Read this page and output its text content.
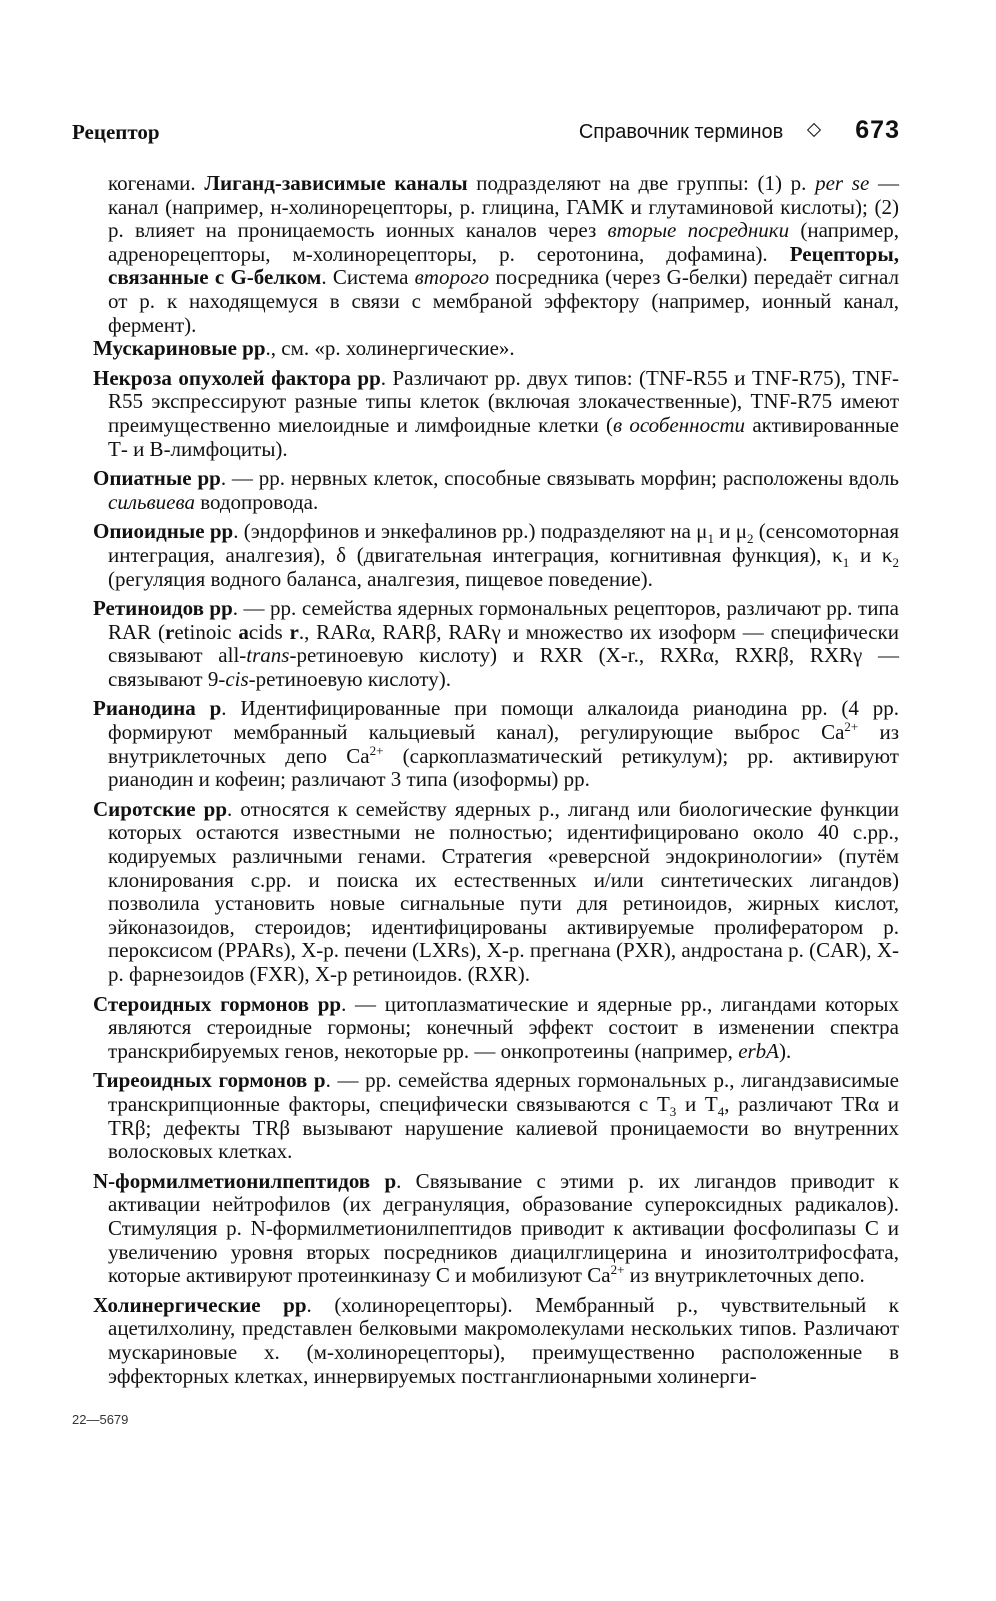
Рецептор	Справочник терминов	673

когенами. Лиганд-зависимые каналы подразделяют на две группы: (1) р. per se — канал (например, н-холинорецепторы, р. глицина, ГАМК и глутаминовой кислоты); (2) р. влияет на проницаемость ионных каналов через вторые посредники (например, адренорецепторы, м-холинорецепторы, р. серотонина, дофамина). Рецепторы, связанные с G-белком. Система второго посредника (через G-белки) передаёт сигнал от р. к находящемуся в связи с мембраной эффектору (например, ионный канал, фермент).

Мускариновые рр., см. «р. холинергические».

Некроза опухолей фактора рр. Различают рр. двух типов: (TNF-R55 и TNF-R75), TNF-R55 экспрессируют разные типы клеток (включая злокачественные), TNF-R75 имеют преимущественно миелоидные и лимфоидные клетки (в особенности активированные Т- и В-лимфоциты).

Опиатные рр. — рр. нервных клеток, способные связывать морфин; расположены вдоль сильвиева водопровода.

Опиоидные рр. (эндорфинов и энкефалинов рр.) подразделяют на $\mu_1$ и $\mu_2$ (сенсомоторная интеграция, аналгезия), δ (двигательная интеграция, когнитивная функция), $\kappa_1$ и $\kappa_2$ (регуляция водного баланса, аналгезия, пищевое поведение).

Ретиноидов рр. — рр. семейства ядерных гормональных рецепторов, различают рр. типа RAR (retinoic acids r., RARα, RARβ, RARγ и множество их изоформ — специфически связывают all-trans-ретиноевую кислоту) и RXR (X-r., RXRα, RXRβ, RXRγ — связывают 9-cis-ретиноевую кислоту).

Рианодина р. Идентифицированные при помощи алкалоида рианодина рр. (4 рр. формируют мембранный кальциевый канал), регулирующие выброс $Ca^{2+}$ из внутриклеточных депо $Ca^{2+}$ (саркоплазматический ретикулум); рр. активируют рианодин и кофеин; различают 3 типа (изоформы) рр.

Сиротские рр. относятся к семейству ядерных р., лиганд или биологические функции которых остаются известными не полностью; идентифицировано около 40 с.рр., кодируемых различными генами. Стратегия «реверсной эндокринологии» (путём клонирования с.рр. и поиска их естественных и/или синтетических лигандов) позволила установить новые сигнальные пути для ретиноидов, жирных кислот, эйконазоидов, стероидов; идентифицированы активируемые пролифератором р. пероксисом (PPARs), X-р. печени (LXRs), X-р. прегнана (PXR), андростана р. (CAR), X-р. фарнезоидов (FXR), X-р ретиноидов. (RXR).

Стероидных гормонов рр. — цитоплазматические и ядерные рр., лигандами которых являются стероидные гормоны; конечный эффект состоит в изменении спектра транскрибируемых генов, некоторые рр. — онкопротеины (например, erbA).

Тиреоидных гормонов р. — рр. семейства ядерных гормональных р., лигандзависимые транскрипционные факторы, специфически связываются с $T_3$ и $T_4$, различают TRα и TRβ; дефекты TRβ вызывают нарушение калиевой проницаемости во внутренних волосковых клетках.

N-формилметионилпептидов р. Связывание с этими р. их лигандов приводит к активации нейтрофилов (их дегрануляция, образование супероксидных радикалов). Стимуляция р. N-формилметионилпептидов приводит к активации фосфолипазы С и увеличению уровня вторых посредников диацилглицерина и инозитолтрифосфата, которые активируют протеинкиназу С и мобилизуют $Ca^{2+}$ из внутриклеточных депо.

Холинергические рр. (холинорецепторы). Мембранный р., чувствительный к ацетилхолину, представлен белковыми макромолекулами нескольких типов. Различают мускариновые х. (м-холинорецепторы), преимущественно расположенные в эффекторных клетках, иннервируемых постганглионарными холинерги-

22—5679
